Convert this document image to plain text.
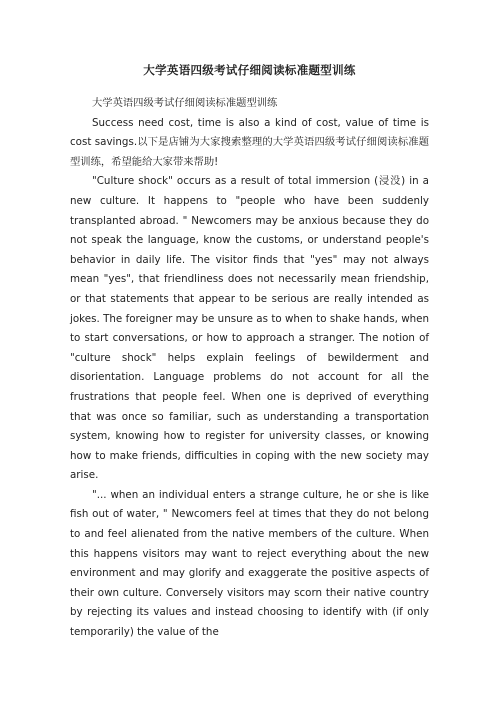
大学英语四级考试仔细阅读标准题型训练

大学英语四级考试仔细阅读标准题型训练

Success need cost, time is also a kind of cost, value of time is cost savings.以下是店铺为大家搜索整理的大学英语四级考试仔细阅读标准题型训练，希望能给大家带来帮助!

"Culture shock" occurs as a result of total immersion (浸没) in a new culture. It happens to "people who have been suddenly transplanted abroad. " Newcomers may be anxious because they do not speak the language, know the customs, or understand people's behavior in daily life. The visitor finds that "yes" may not always mean "yes", that friendliness does not necessarily mean friendship, or that statements that appear to be serious are really intended as jokes. The foreigner may be unsure as to when to shake hands, when to start conversations, or how to approach a stranger. The notion of "culture shock" helps explain feelings of bewilderment and disorientation. Language problems do not account for all the frustrations that people feel. When one is deprived of everything that was once so familiar, such as understanding a transportation system, knowing how to register for university classes, or knowing how to make friends, difficulties in coping with the new society may arise.

"... when an individual enters a strange culture, he or she is like fish out of water, " Newcomers feel at times that they do not belong to and feel alienated from the native members of the culture. When this happens visitors may want to reject everything about the new environment and may glorify and exaggerate the positive aspects of their own culture. Conversely visitors may scorn their native country by rejecting its values and instead choosing to identify with (if only temporarily) the value of the
